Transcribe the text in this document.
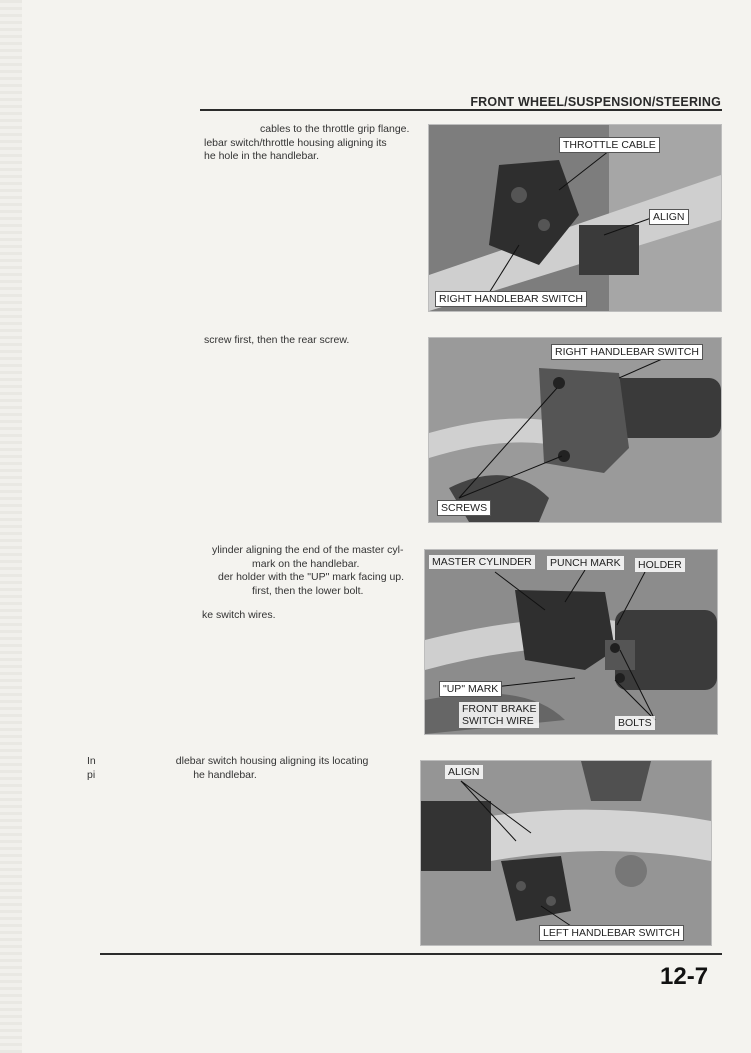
FRONT WHEEL/SUSPENSION/STEERING
cables to the throttle grip flange.
lebar switch/throttle housing aligning its
he hole in the handlebar.
THROTTLE CABLE
ALIGN
RIGHT HANDLEBAR SWITCH
screw first, then the rear screw.
RIGHT HANDLEBAR SWITCH
SCREWS
ylinder aligning the end of the master cyl-
mark on the handlebar.
der holder with the "UP" mark facing up.
first, then the lower bolt.
ke switch wires.
MASTER CYLINDER PUNCH MARK HOLDER
"UP" MARK
FRONT BRAKE
SWITCH WIRE	BOLTS
In	dlebar switch housing aligning its locating
pi	he handlebar.	ALIGN
LEFT HANDLEBAR SWITCH
12-7
